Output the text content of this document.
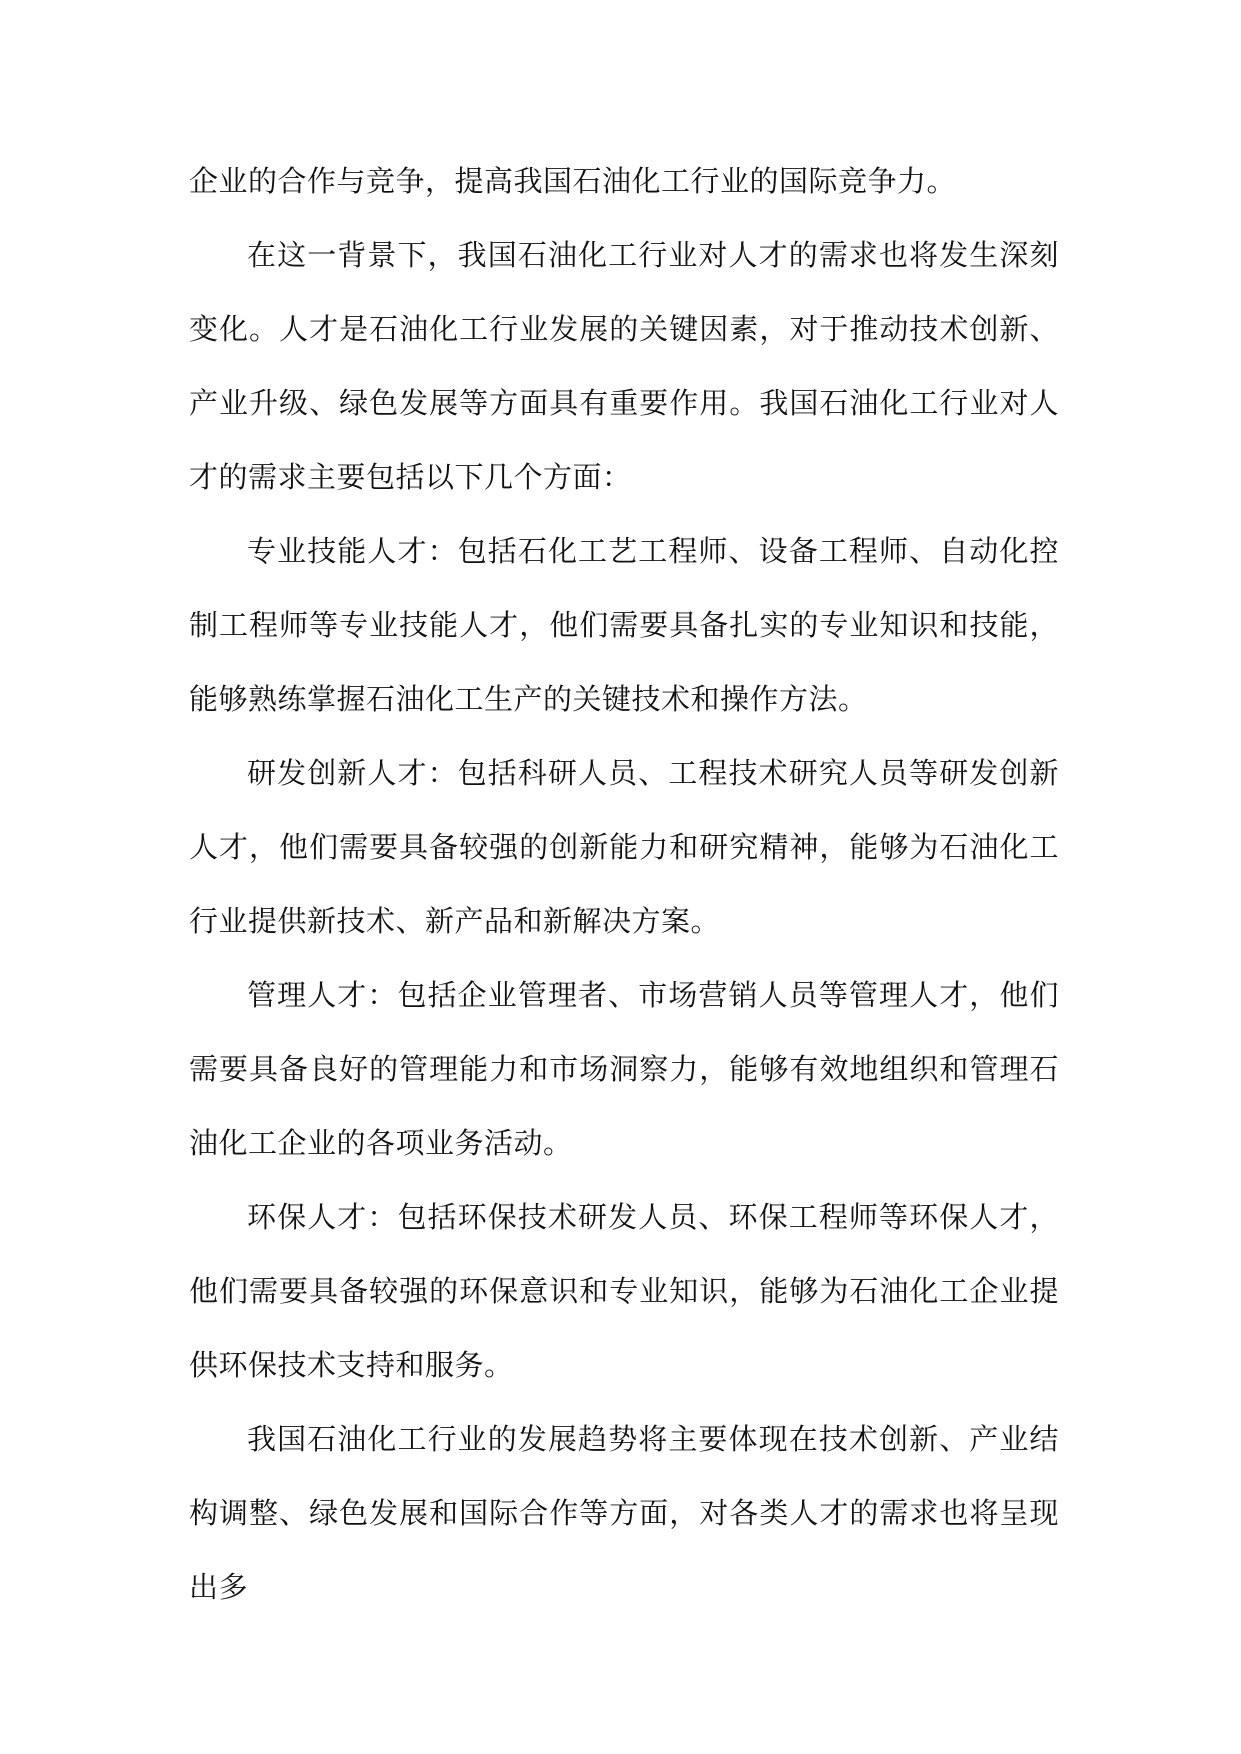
企业的合作与竞争，提高我国石油化工行业的国际竞争力。

在这一背景下，我国石油化工行业对人才的需求也将发生深刻变化。人才是石油化工行业发展的关键因素，对于推动技术创新、产业升级、绿色发展等方面具有重要作用。我国石油化工行业对人才的需求主要包括以下几个方面：

专业技能人才：包括石化工艺工程师、设备工程师、自动化控制工程师等专业技能人才，他们需要具备扎实的专业知识和技能，能够熟练掌握石油化工生产的关键技术和操作方法。

研发创新人才：包括科研人员、工程技术研究人员等研发创新人才，他们需要具备较强的创新能力和研究精神，能够为石油化工行业提供新技术、新产品和新解决方案。

管理人才：包括企业管理者、市场营销人员等管理人才，他们需要具备良好的管理能力和市场洞察力，能够有效地组织和管理石油化工企业的各项业务活动。

环保人才：包括环保技术研发人员、环保工程师等环保人才，他们需要具备较强的环保意识和专业知识，能够为石油化工企业提供环保技术支持和服务。

我国石油化工行业的发展趋势将主要体现在技术创新、产业结构调整、绿色发展和国际合作等方面，对各类人才的需求也将呈现出多
